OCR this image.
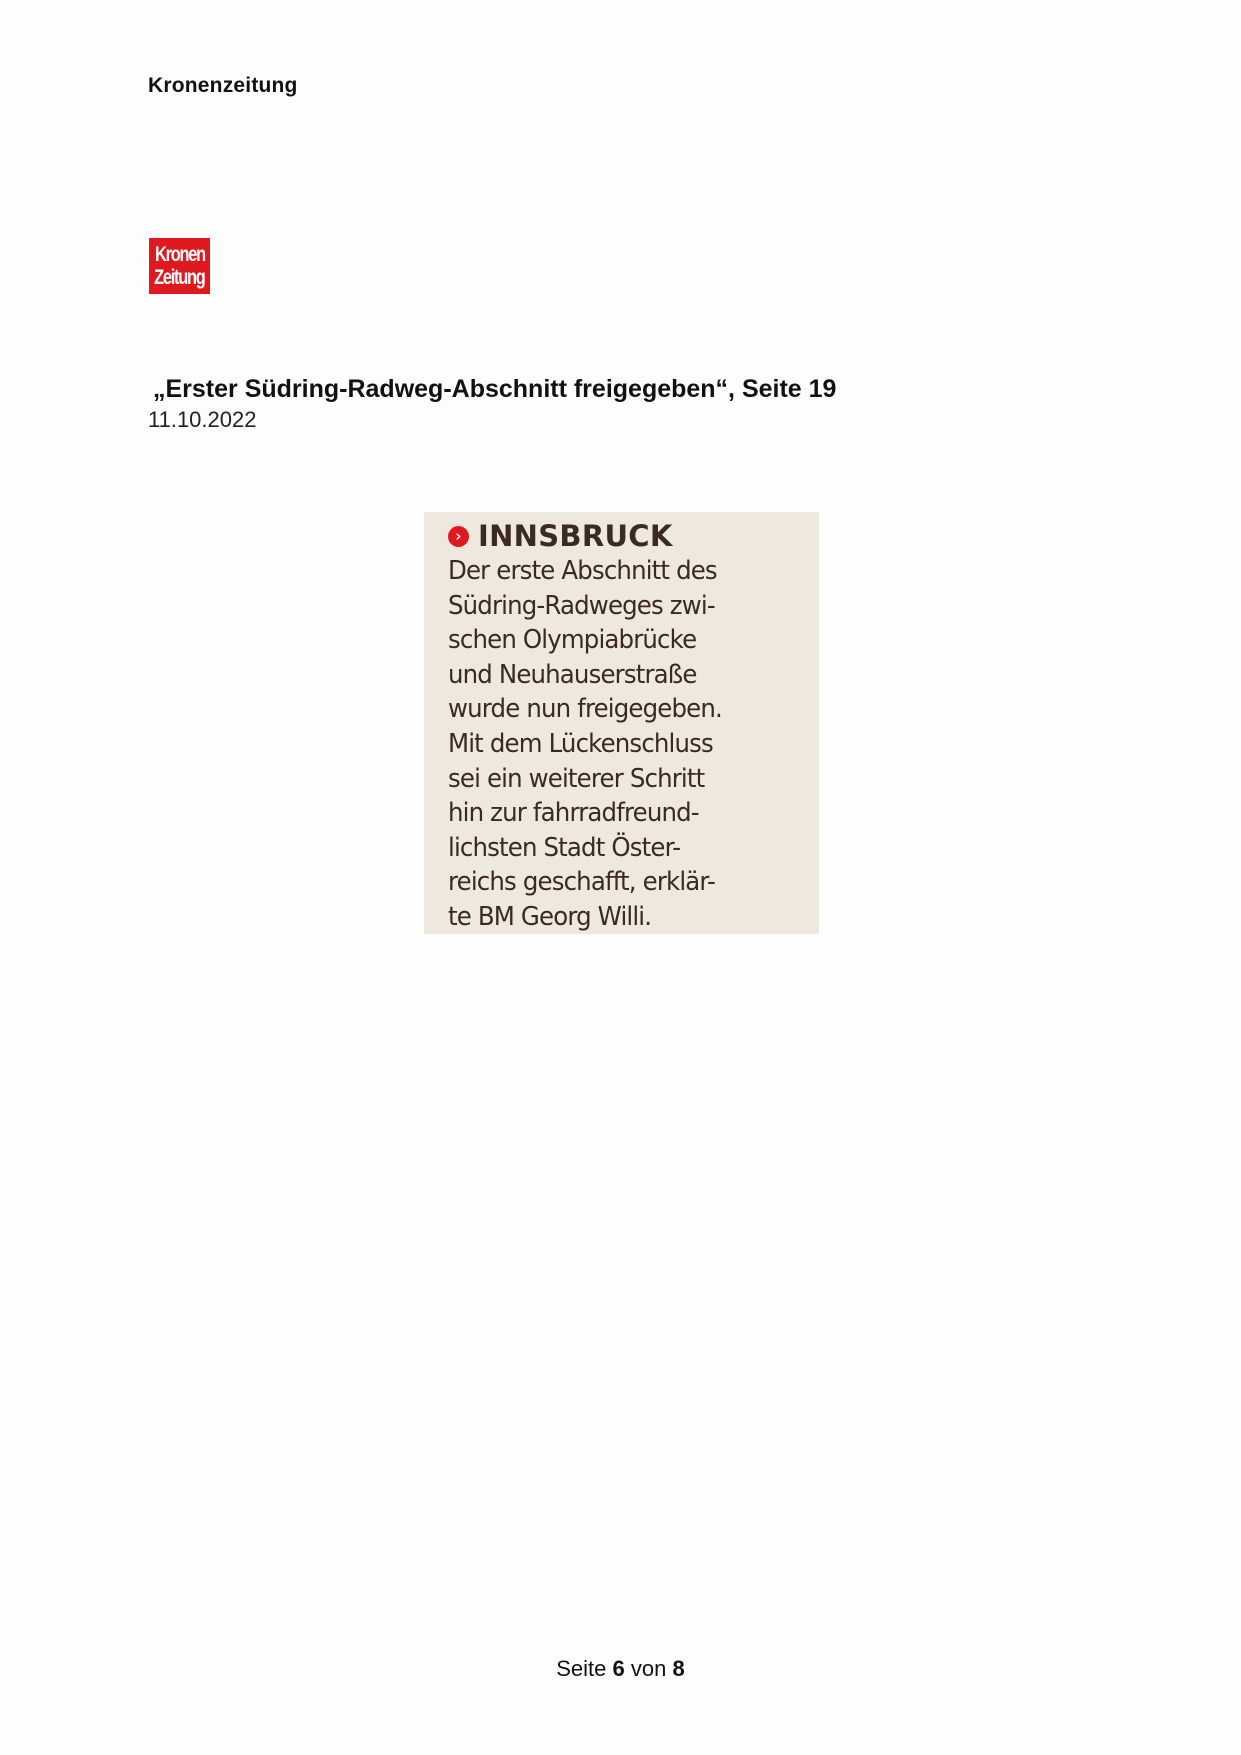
Kronenzeitung
Kronen
Zeitung
„Erster Südring-Radweg-Abschnitt freigegeben“, Seite 19
11.10.2022
› INNSBRUCK
Der erste Abschnitt des
Südring-Radweges zwi-
schen Olympiabrücke
und Neuhauserstraße
wurde nun freigegeben.
Mit dem Lückenschluss
sei ein weiterer Schritt
hin zur fahrradfreund-
lichsten Stadt Öster-
reichs geschafft, erklär-
te BM Georg Willi.
Seite 6 von 8
